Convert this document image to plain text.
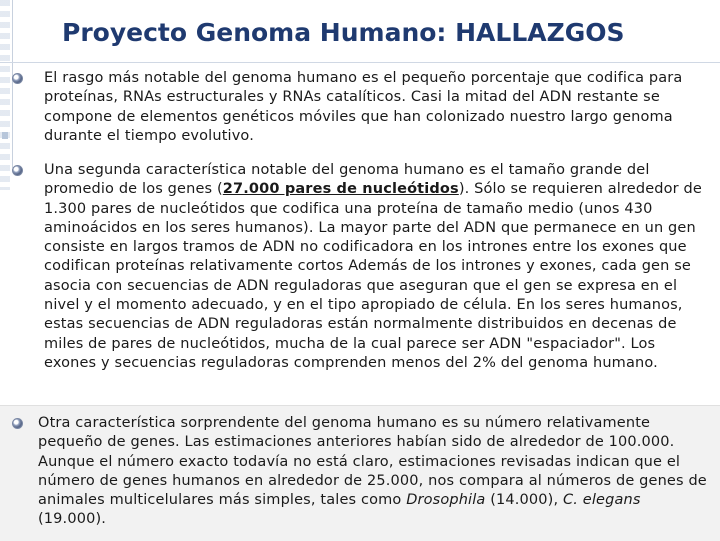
Proyecto Genoma Humano: HALLAZGOS
El rasgo más notable del genoma humano es el pequeño porcentaje que codifica para proteínas, RNAs estructurales y RNAs catalíticos. Casi la mitad del ADN restante se compone de elementos genéticos móviles que han colonizado nuestro largo genoma durante el tiempo evolutivo.
Una segunda característica notable del genoma humano es el tamaño grande del promedio de los genes (27.000 pares de nucleótidos). Sólo se requieren alrededor de 1.300 pares de nucleótidos que codifica una proteína de tamaño medio (unos 430 aminoácidos en los seres humanos). La mayor parte del ADN que permanece en un gen consiste en largos tramos de ADN no codificadora en los intrones entre los exones que codifican proteínas relativamente cortos Además de los intrones y exones, cada gen se asocia con secuencias de ADN reguladoras que aseguran que el gen se expresa en el nivel y el momento adecuado, y en el tipo apropiado de célula. En los seres humanos, estas secuencias de ADN reguladoras están normalmente distribuidos en decenas de miles de pares de nucleótidos, mucha de la cual parece ser ADN "espaciador". Los exones y secuencias reguladoras comprenden menos del 2% del genoma humano.
Otra característica sorprendente del genoma humano es su número relativamente pequeño de genes. Las estimaciones anteriores habían sido de alrededor de 100.000. Aunque el número exacto todavía no está claro, estimaciones revisadas indican que el número de genes humanos en alrededor de 25.000, nos compara al números de genes de animales multicelulares más simples, tales como Drosophila (14.000), C. elegans (19.000).
